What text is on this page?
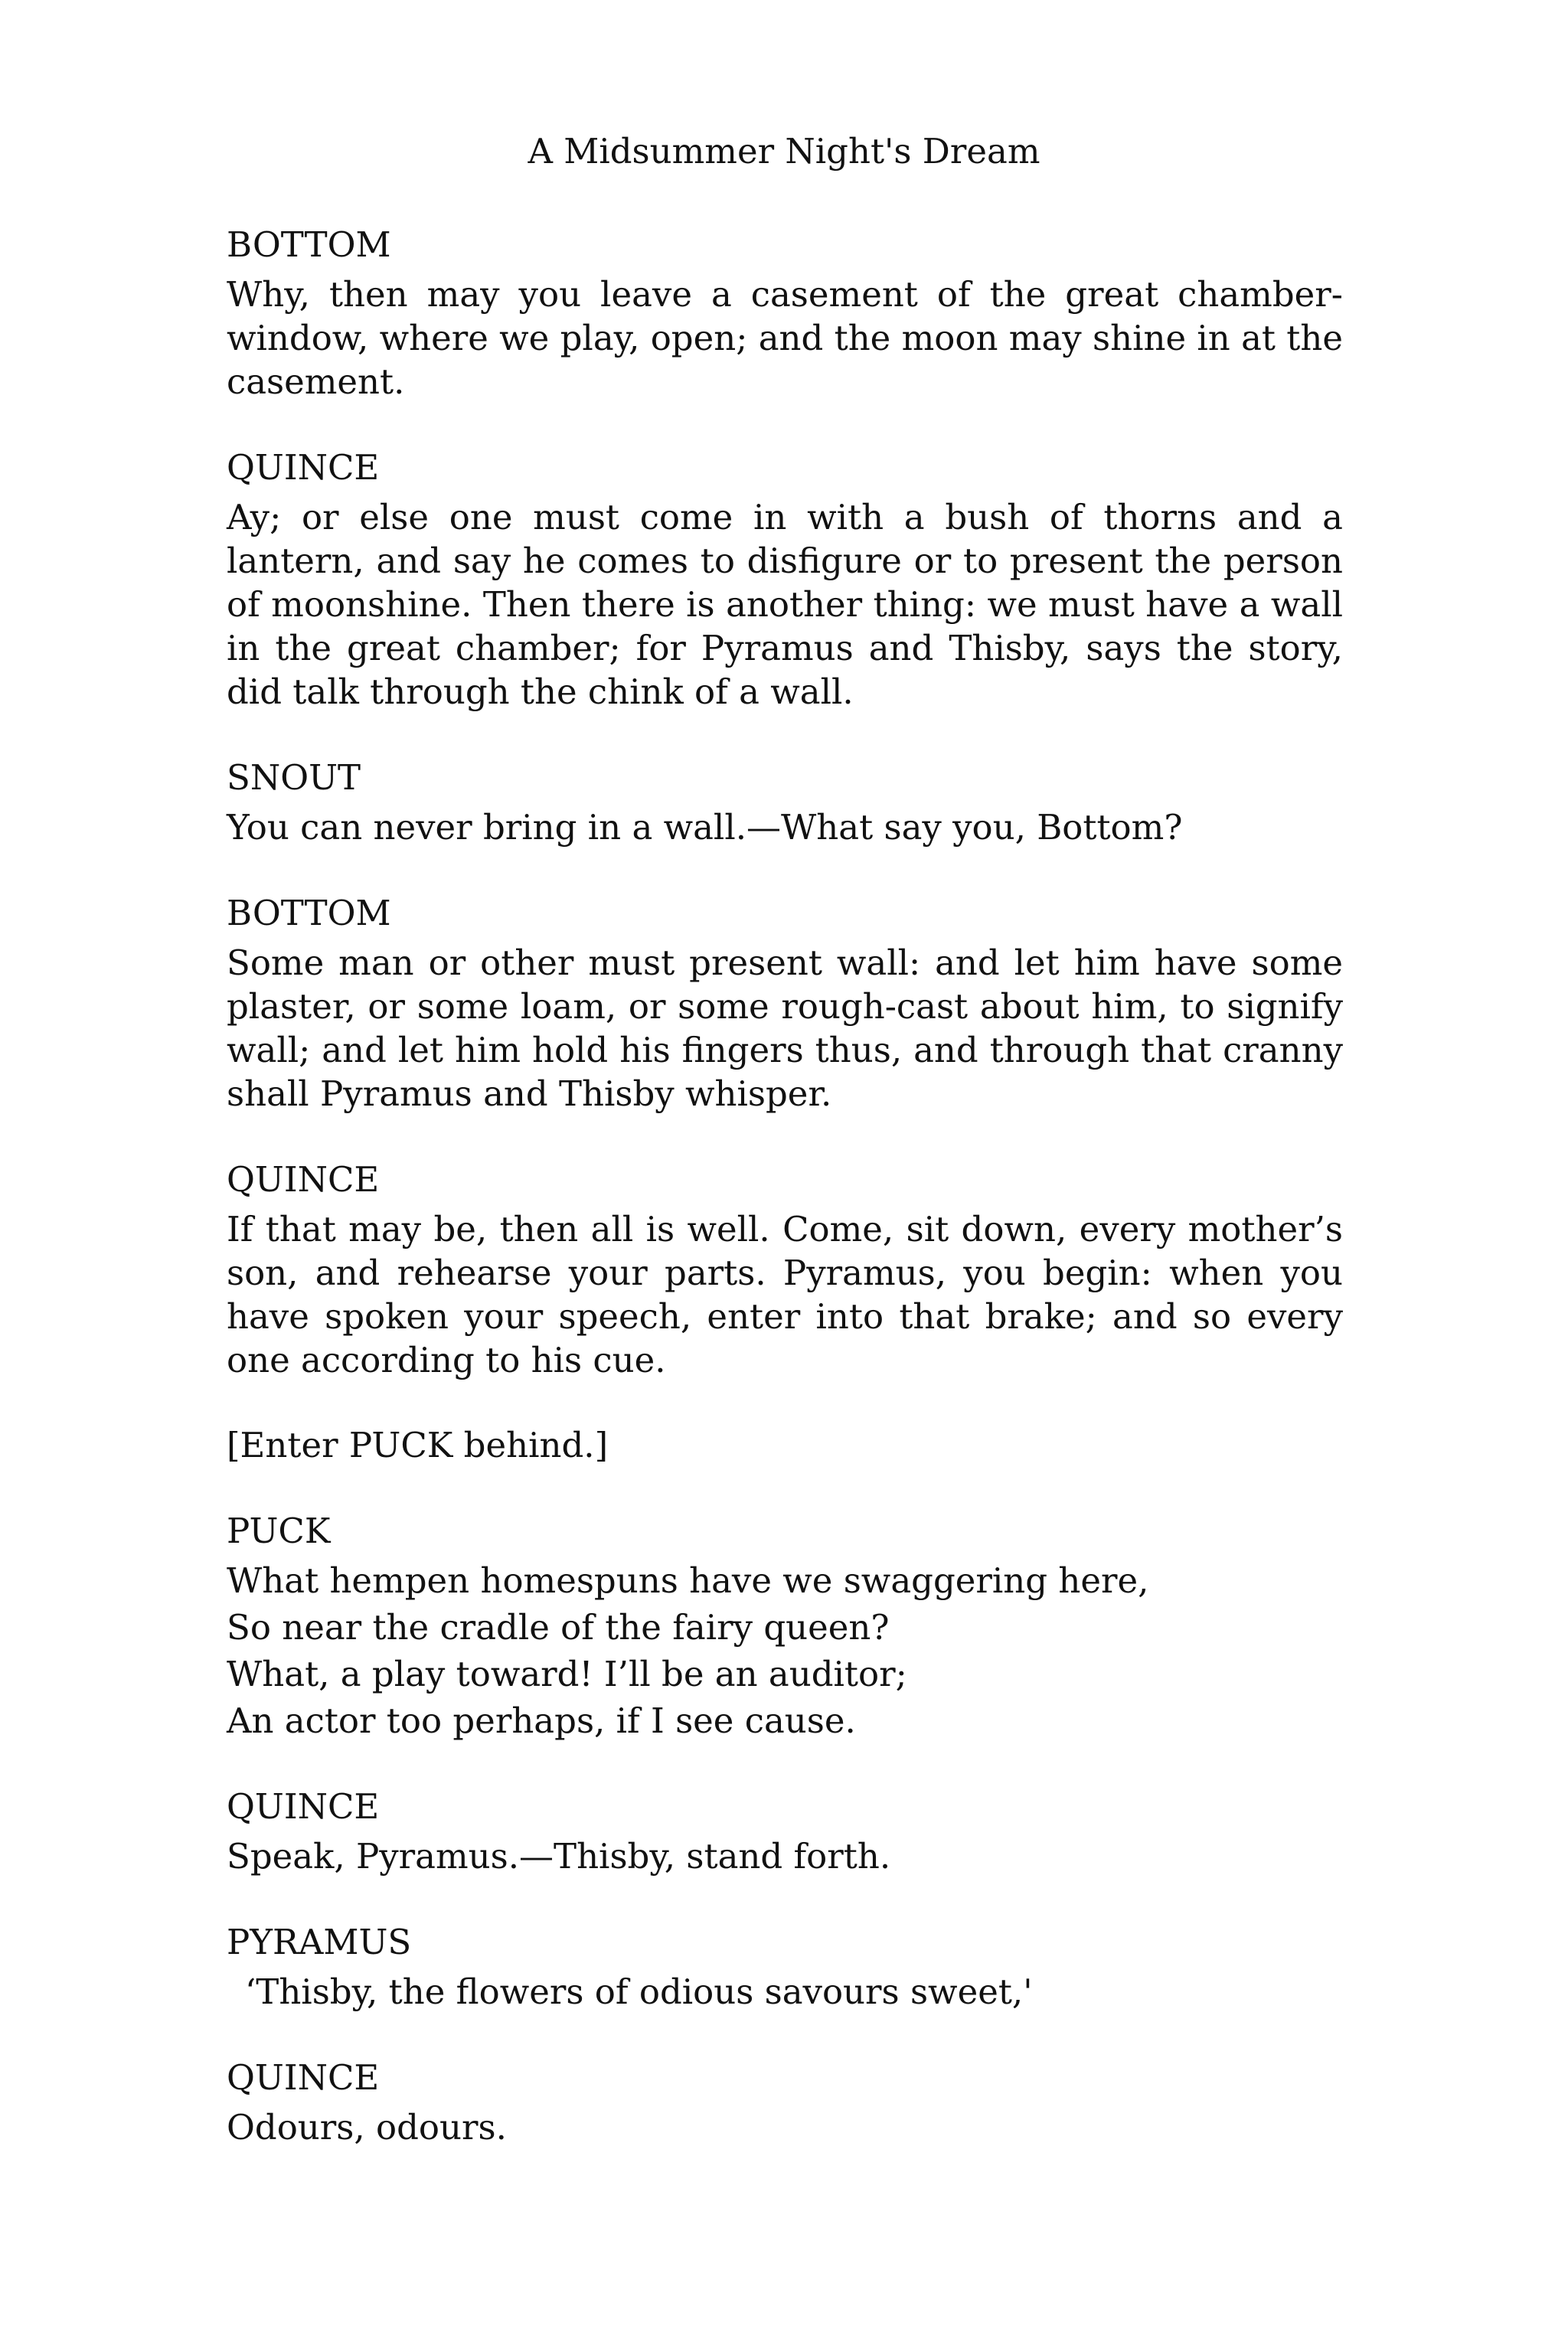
A Midsummer Night's Dream

BOTTOM

Why, then may you leave a casement of the great chamber-window, where we play, open; and the moon may shine in at the casement.

QUINCE

Ay; or else one must come in with a bush of thorns and a lantern, and say he comes to disfigure or to present the person of moonshine. Then there is another thing: we must have a wall in the great chamber; for Pyramus and Thisby, says the story, did talk through the chink of a wall.

SNOUT

You can never bring in a wall.—What say you, Bottom?

BOTTOM

Some man or other must present wall: and let him have some plaster, or some loam, or some rough-cast about him, to signify wall; and let him hold his fingers thus, and through that cranny shall Pyramus and Thisby whisper.

QUINCE

If that may be, then all is well. Come, sit down, every mother’s son, and rehearse your parts. Pyramus, you begin: when you have spoken your speech, enter into that brake; and so every one according to his cue.

[Enter PUCK behind.]

PUCK

What hempen homespuns have we swaggering here,
So near the cradle of the fairy queen?
What, a play toward! I’ll be an auditor;
An actor too perhaps, if I see cause.

QUINCE

Speak, Pyramus.—Thisby, stand forth.

PYRAMUS

‘Thisby, the flowers of odious savours sweet,'

QUINCE

Odours, odours.
